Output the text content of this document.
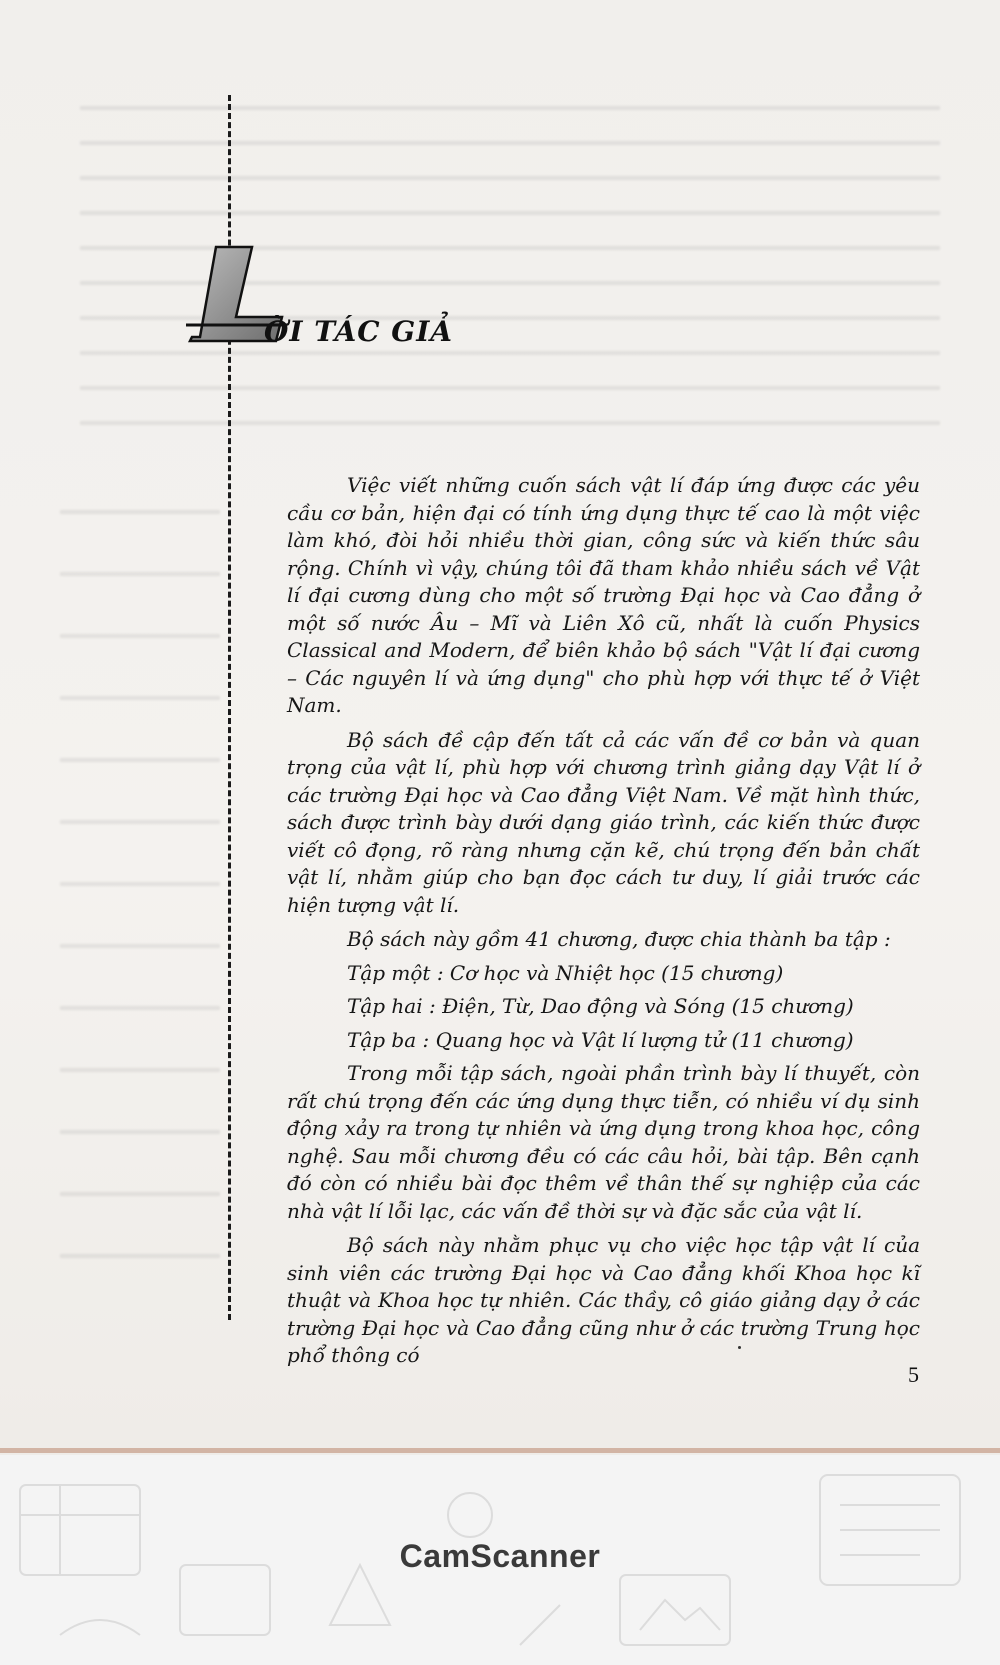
ỜI TÁC GIẢ

Việc viết những cuốn sách vật lí đáp ứng được các yêu cầu cơ bản, hiện đại có tính ứng dụng thực tế cao là một việc làm khó, đòi hỏi nhiều thời gian, công sức và kiến thức sâu rộng. Chính vì vậy, chúng tôi đã tham khảo nhiều sách về Vật lí đại cương dùng cho một số trường Đại học và Cao đẳng ở một số nước Âu – Mĩ và Liên Xô cũ, nhất là cuốn Physics Classical and Modern, để biên khảo bộ sách "Vật lí đại cương – Các nguyên lí và ứng dụng" cho phù hợp với thực tế ở Việt Nam.

Bộ sách đề cập đến tất cả các vấn đề cơ bản và quan trọng của vật lí, phù hợp với chương trình giảng dạy Vật lí ở các trường Đại học và Cao đẳng Việt Nam. Về mặt hình thức, sách được trình bày dưới dạng giáo trình, các kiến thức được viết cô đọng, rõ ràng nhưng cặn kẽ, chú trọng đến bản chất vật lí, nhằm giúp cho bạn đọc cách tư duy, lí giải trước các hiện tượng vật lí.

Bộ sách này gồm 41 chương, được chia thành ba tập :

Tập một : Cơ học và Nhiệt học (15 chương)

Tập hai : Điện, Từ, Dao động và Sóng (15 chương)

Tập ba : Quang học và Vật lí lượng tử (11 chương)

Trong mỗi tập sách, ngoài phần trình bày lí thuyết, còn rất chú trọng đến các ứng dụng thực tiễn, có nhiều ví dụ sinh động xảy ra trong tự nhiên và ứng dụng trong khoa học, công nghệ. Sau mỗi chương đều có các câu hỏi, bài tập. Bên cạnh đó còn có nhiều bài đọc thêm về thân thế sự nghiệp của các nhà vật lí lỗi lạc, các vấn đề thời sự và đặc sắc của vật lí.

Bộ sách này nhằm phục vụ cho việc học tập vật lí của sinh viên các trường Đại học và Cao đẳng khối Khoa học kĩ thuật và Khoa học tự nhiên. Các thầy, cô giáo giảng dạy ở các trường Đại học và Cao đẳng cũng như ở các trường Trung học phổ thông có

5
CamScanner
